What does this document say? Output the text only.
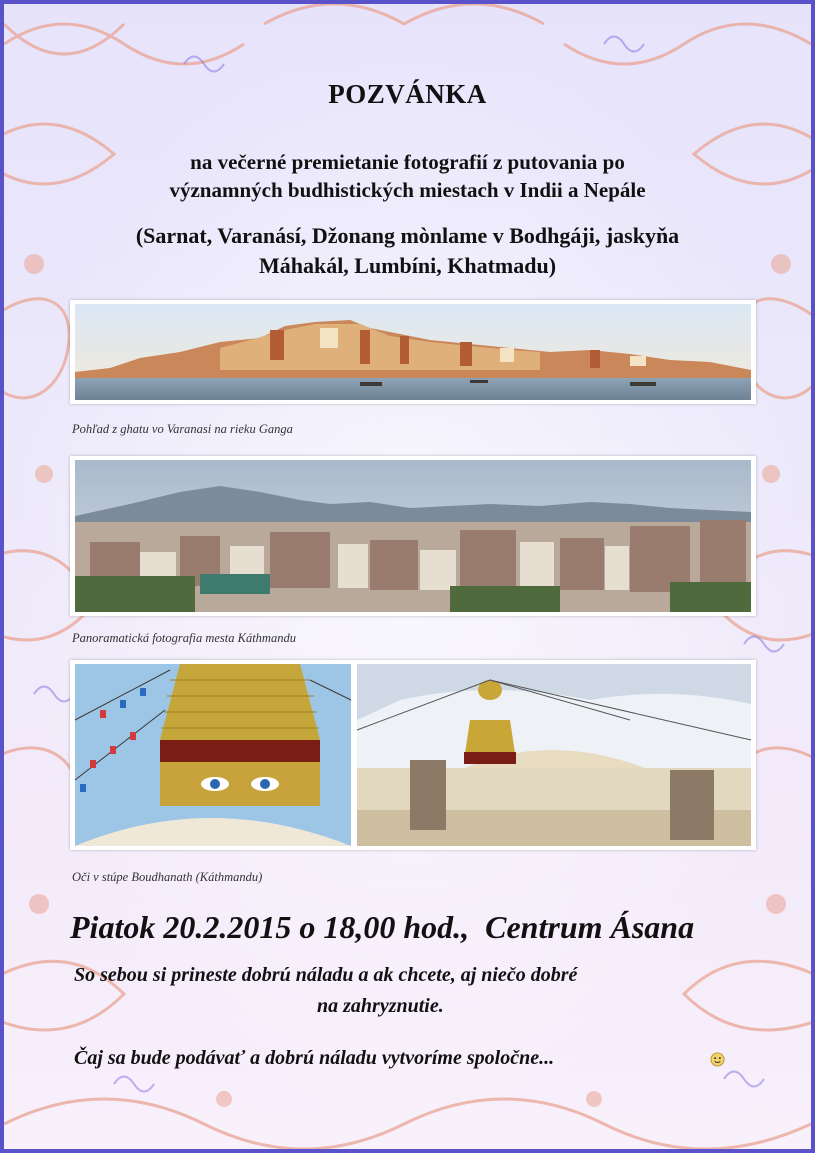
POZVÁNKA
na večerné premietanie fotografií z putovania po
významných budhistických miestach v Indii a Nepále
(Sarnat, Varanásí, Džonang mònlame v Bodhgáji, jaskyňa
Máhakál, Lumbíni, Khatmadu)
Pohľad z ghatu vo Varanasi na rieku Ganga
Panoramatická fotografia mesta Káthmandu
Oči v stúpe Boudhanath (Káthmandu)
Piatok 20.2.2015 o 18,00 hod.,  Centrum Ásana
So sebou si prineste dobrú náladu a ak chcete, aj niečo dobré
na zahryznutie.
Čaj sa bude podávať a dobrú náladu vytvoríme spoločne...
